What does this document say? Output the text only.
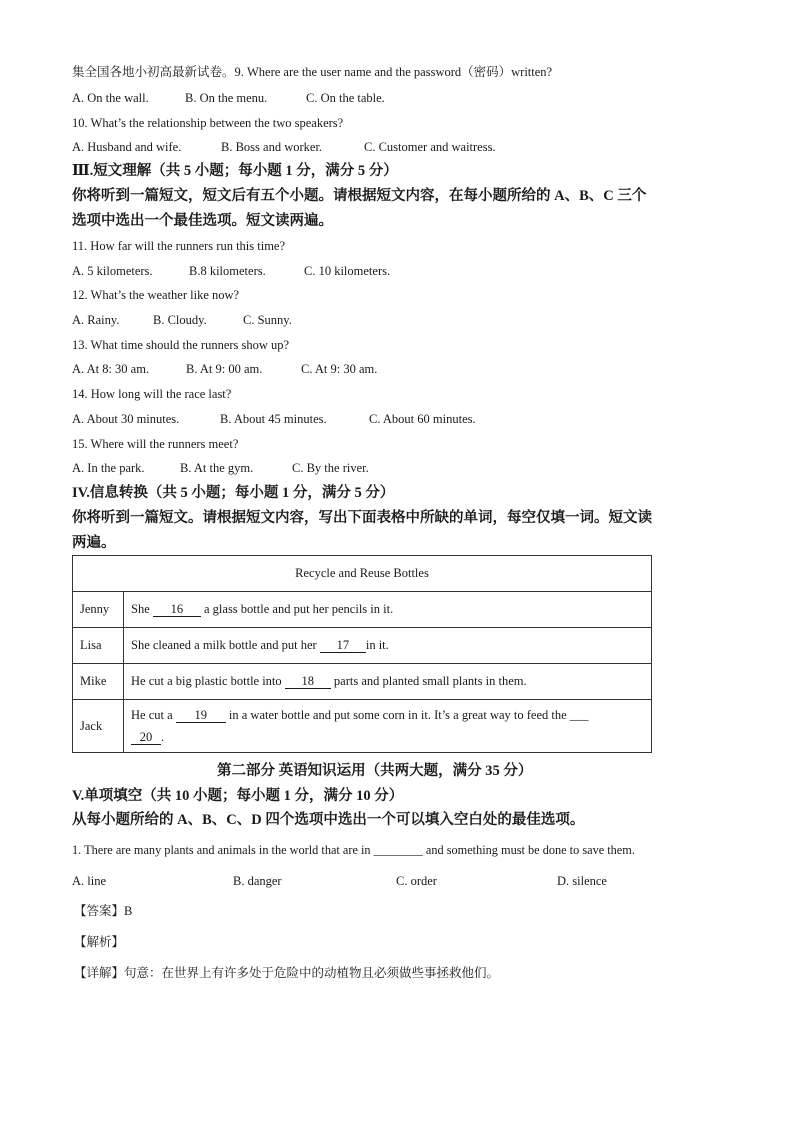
集全国各地小初高最新试卷。9. Where are the user name and the password（密码）written?
A. On the wall.	B. On the menu.	C. On the table.
10. What’s the relationship between the two speakers?
A. Husband and wife.	B. Boss and worker.	C. Customer and waitress.
Ⅲ.短文理解（共 5 小题；每小题 1 分，满分 5 分）
你将听到一篇短文，短文后有五个小题。请根据短文内容，在每小题所给的 A、B、C 三个
选项中选出一个最佳选项。短文读两遍。
11. How far will the runners run this time?
A. 5 kilometers.	B.8 kilometers.	C. 10 kilometers.
12. What’s the weather like now?
A. Rainy.	B. Cloudy.	C. Sunny.
13. What time should the runners show up?
A. At 8: 30 am.	B. At 9: 00 am.	C. At 9: 30 am.
14. How long will the race last?
A. About 30 minutes.	B. About 45 minutes.	C. About 60 minutes.
15. Where will the runners meet?
A. In the park.	B. At the gym.	C. By the river.
IV.信息转换（共 5 小题；每小题 1 分，满分 5 分）
你将听到一篇短文。请根据短文内容，写出下面表格中所缺的单词，每空仅填一词。短文读
两遍。
Recycle and Reuse Bottles	
Jenny	She 16 a glass bottle and put her pencils in it.
Lisa	She cleaned a milk bottle and put her 17 in it.
Mike	He cut a big plastic bottle into 18 parts and planted small plants in them.
Jack	He cut a 19 in a water bottle and put some corn in it. It’s a great way to feed the ___
20 .
第二部分 英语知识运用（共两大题，满分 35 分）
V.单项填空（共 10 小题；每小题 1 分，满分 10 分）
从每小题所给的 A、B、C、D 四个选项中选出一个可以填入空白处的最佳选项。
1. There are many plants and animals in the world that are in ________ and something must be done to save them.
A. line	B. danger	C. order	D. silence
【答案】B
【解析】
【详解】句意：在世界上有许多处于危险中的动植物且必须做些事拯救他们。
